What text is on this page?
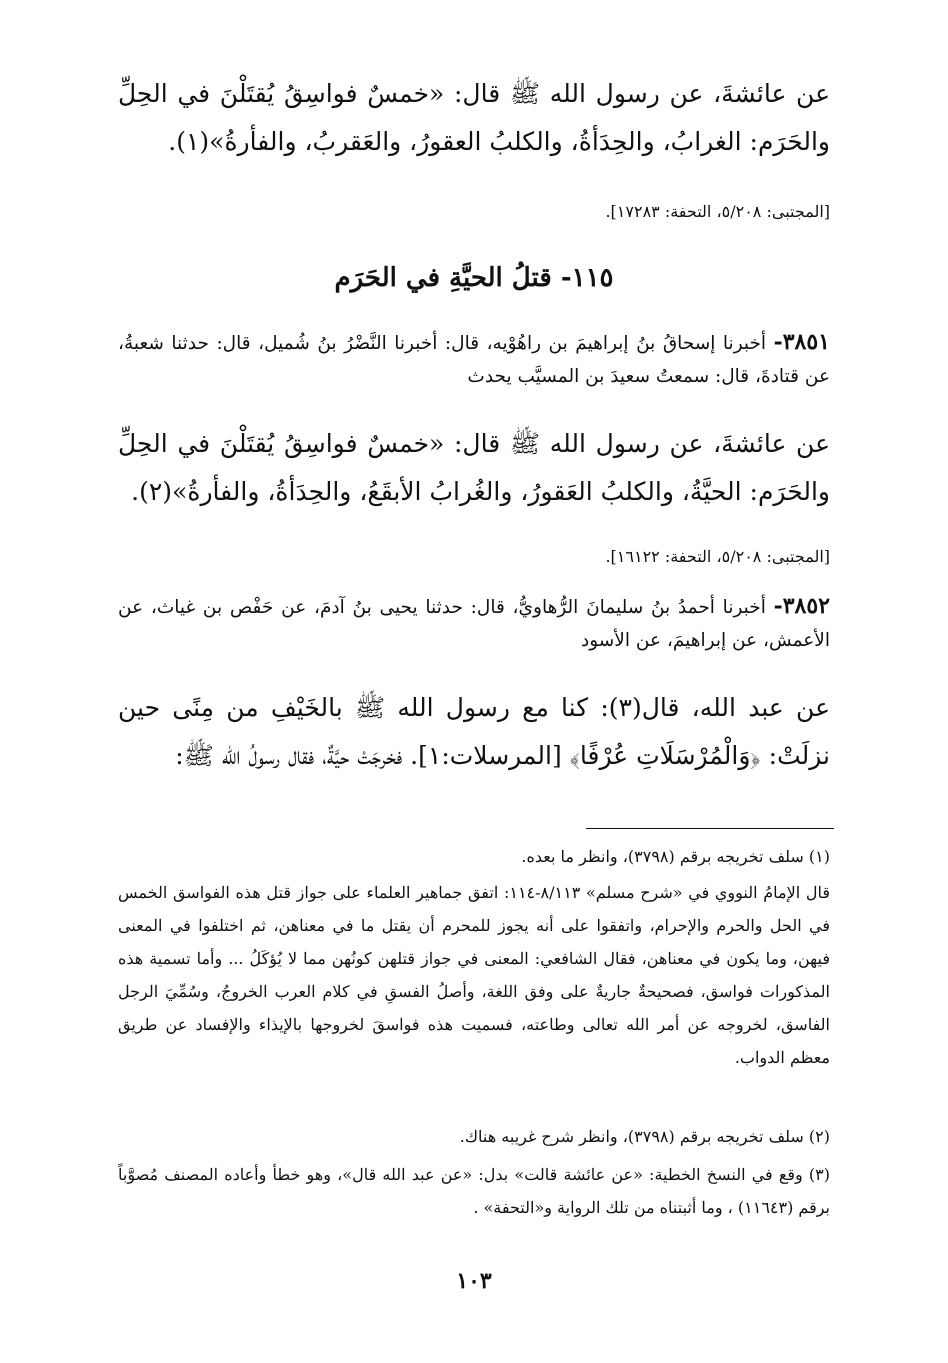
عن عائشةَ، عن رسول الله ﷺ قال: «خمسٌ فواسِقُ يُقتَلْنَ في الحِلِّ والحَرَم: الغرابُ، والحِدَأةُ، والكلبُ العقورُ، والعَقربُ، والفأرةُ»(١).
[المجتبى: ٥/٢٠٨، التحفة: ١٧٢٨٣].
١١٥- قتلُ الحيَّةِ في الحَرَم
٣٨٥١- أخبرنا إسحاقُ بنُ إبراهيمَ بن راهُوْيه، قال: أخبرنا النَّضْرُ بنُ شُميل، قال: حدثنا شعبةُ، عن قتادةَ، قال: سمعتُ سعيدَ بن المسيَّب يحدث
عن عائشةَ، عن رسول الله ﷺ قال: «خمسٌ فواسِقُ يُقتَلْنَ في الحِلِّ والحَرَم: الحيَّةُ، والكلبُ العَقورُ، والغُرابُ الأبقَعُ، والحِدَأةُ، والفأرةُ»(٢).
[المجتبى: ٥/٢٠٨، التحفة: ١٦١٢٢].
٣٨٥٢- أخبرنا أحمدُ بنُ سليمانَ الرُّهاويُّ، قال: حدثنا يحيى بنُ آدمَ، عن حَفْص بن غياث، عن الأعمش، عن إبراهيمَ، عن الأسود
عن عبد الله، قال(٣): كنا مع رسول الله ﷺ بالخَيْفِ من مِنًى حين نزلَتْ: ﴿وَالْمُرْسَلَاتِ عُرْفًا﴾ [المرسلات:١]. فخرجَتْ حيَّةٌ، فقال رسولُ الله ﷺ:
(١) سلف تخريجه برقم (٣٧٩٨)، وانظر ما بعده.
قال الإمامُ النووي في «شرح مسلم» ٨/١١٣-١١٤: اتفق جماهير العلماء على جواز قتل هذه الفواسق الخمس في الحل والحرم والإحرام، واتفقوا على أنه يجوز للمحرم أن يقتل ما في معناهن، ثم اختلفوا في المعنى فيهن، وما يكون في معناهن، فقال الشافعي: المعنى في جواز قتلهن كونُهن مما لا يُؤكَلُ ... وأما تسمية هذه المذكورات فواسق، فصحيحةٌ جاريةٌ على وفق اللغة، وأصلُ الفسقِ في كلام العرب الخروجُ، وسُمِّيَ الرجل الفاسق، لخروجه عن أمر الله تعالى وطاعته، فسميت هذه فواسقَ لخروجها بالإيذاء والإفساد عن طريق معظم الدواب.
(٢) سلف تخريجه برقم (٣٧٩٨)، وانظر شرح غريبه هناك.
(٣) وقع في النسخ الخطية: «عن عائشة قالت» بدل: «عن عبد الله قال»، وهو خطأ وأعاده المصنف مُصوَّباً برقم (١١٦٤٣) ، وما أثبتناه من تلك الرواية و«التحفة» .
١٠٣
